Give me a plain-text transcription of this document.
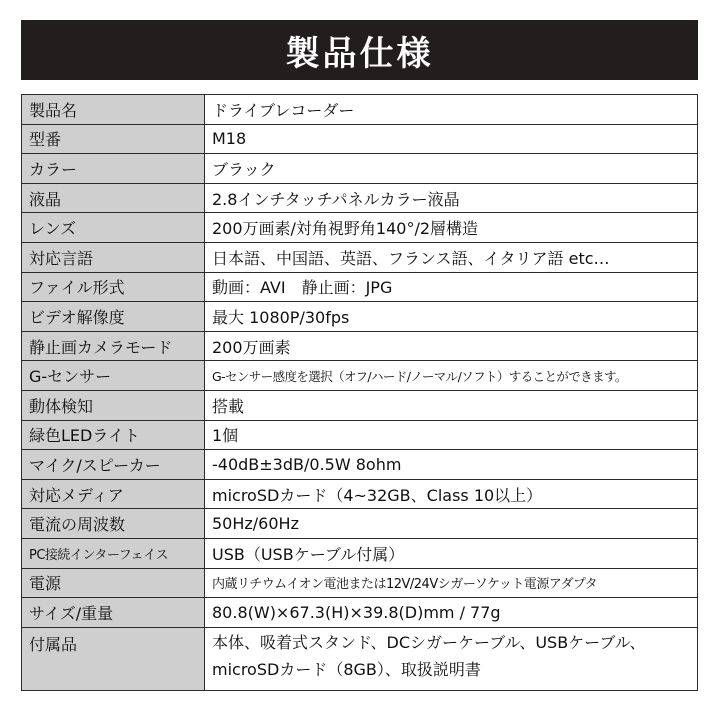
製品仕様
製品名	ドライブレコーダー
型番	M18
カラー	ブラック
液晶	2.8インチタッチパネルカラー液晶
レンズ	200万画素/対角視野角140°/2層構造
対応言語	日本語、中国語、英語、フランス語、イタリア語 etc…
ファイル形式	動画：AVI　静止画：JPG
ビデオ解像度	最大 1080P/30fps
静止画カメラモード	200万画素
G-センサー	G-センサー感度を選択（オフ/ハード/ノーマル/ソフト）することができます。
動体検知	搭載
緑色LEDライト	1個
マイク/スピーカー	-40dB±3dB/0.5W 8ohm
対応メディア	microSDカード（4~32GB、Class 10以上）
電流の周波数	50Hz/60Hz
PC接続インターフェイス	USB（USBケーブル付属）
電源	内蔵リチウムイオン電池または12V/24Vシガーソケット電源アダプタ
サイズ/重量	80.8(W)×67.3(H)×39.8(D)mm / 77g
付属品	本体、吸着式スタンド、DCシガーケーブル、USBケーブル、
microSDカード（8GB）、取扱説明書
